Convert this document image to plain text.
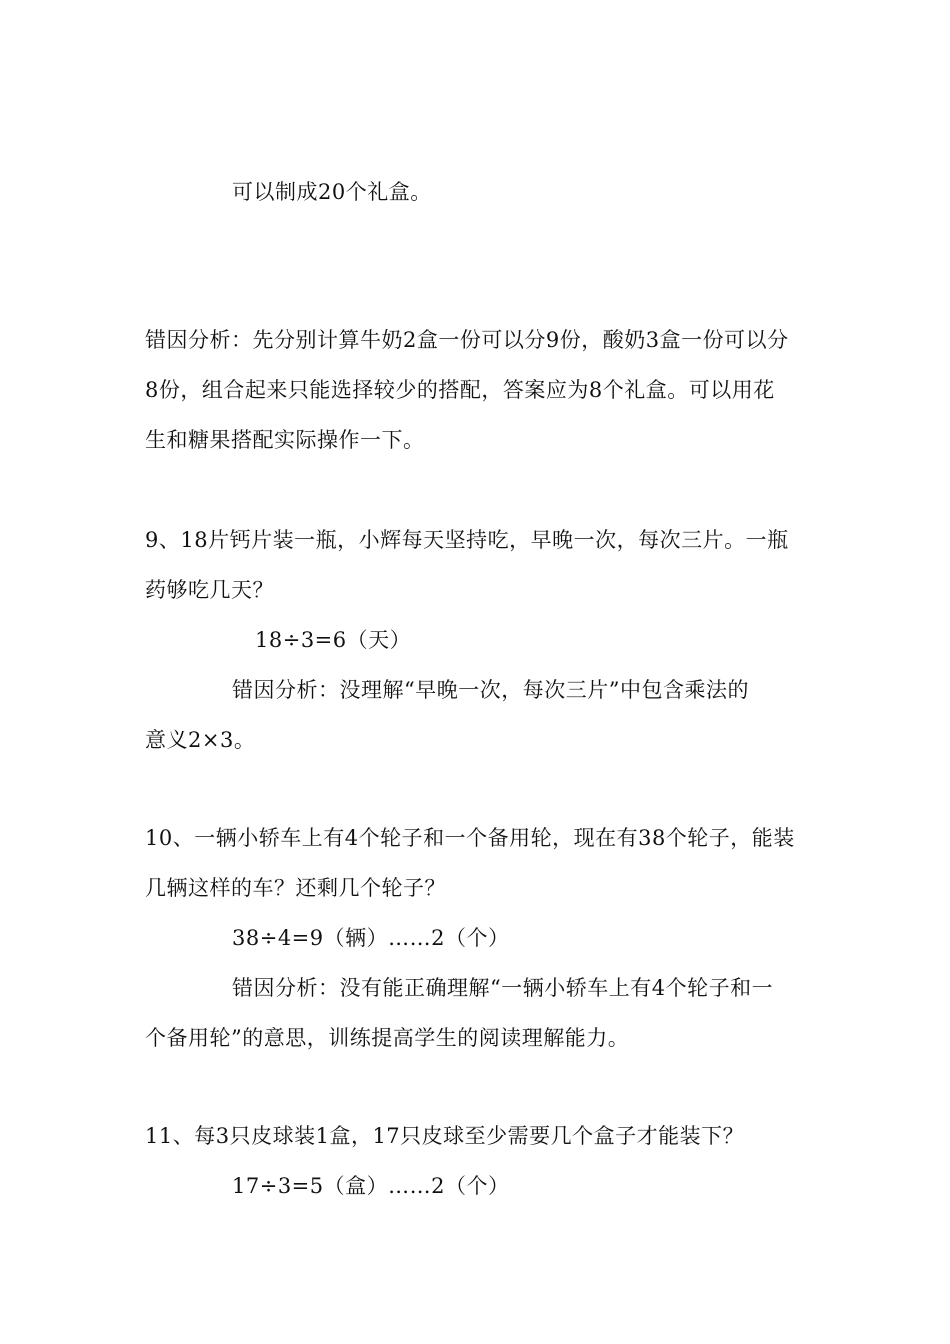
可以制成20个礼盒。
错因分析：先分别计算牛奶2盒一份可以分9份，酸奶3盒一份可以分
8份，组合起来只能选择较少的搭配，答案应为8个礼盒。可以用花
生和糖果搭配实际操作一下。
9、18片钙片装一瓶，小辉每天坚持吃，早晚一次，每次三片。一瓶
药够吃几天？
18÷3=6（天）
错因分析：没理解“早晚一次，每次三片”中包含乘法的
意义2×3。
10、一辆小轿车上有4个轮子和一个备用轮，现在有38个轮子，能装
几辆这样的车？还剩几个轮子？
38÷4=9（辆）……2（个）
错因分析：没有能正确理解“一辆小轿车上有4个轮子和一
个备用轮”的意思，训练提高学生的阅读理解能力。
11、每3只皮球装1盒，17只皮球至少需要几个盒子才能装下？
17÷3=5（盒）……2（个）
